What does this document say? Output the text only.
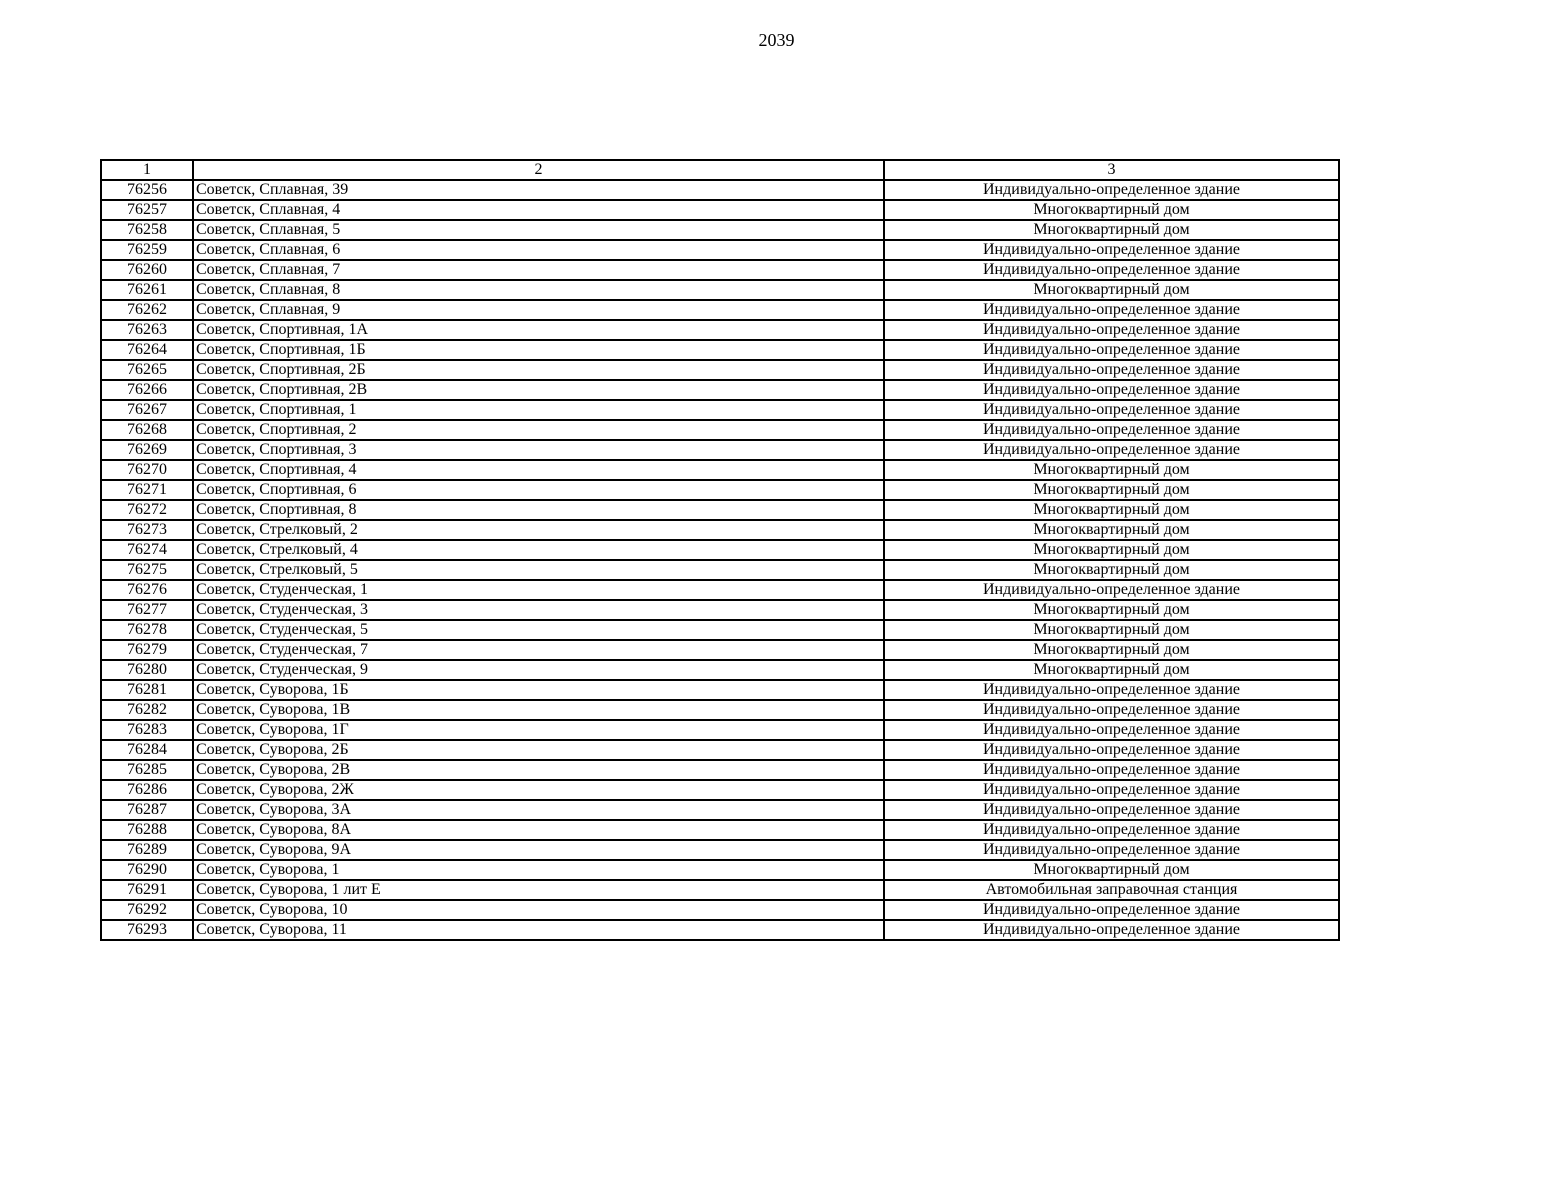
2039
1	2	3
76256	Советск, Сплавная, 39	Индивидуально-определенное здание
76257	Советск, Сплавная, 4	Многоквартирный дом
76258	Советск, Сплавная, 5	Многоквартирный дом
76259	Советск, Сплавная, 6	Индивидуально-определенное здание
76260	Советск, Сплавная, 7	Индивидуально-определенное здание
76261	Советск, Сплавная, 8	Многоквартирный дом
76262	Советск, Сплавная, 9	Индивидуально-определенное здание
76263	Советск, Спортивная, 1А	Индивидуально-определенное здание
76264	Советск, Спортивная, 1Б	Индивидуально-определенное здание
76265	Советск, Спортивная, 2Б	Индивидуально-определенное здание
76266	Советск, Спортивная, 2В	Индивидуально-определенное здание
76267	Советск, Спортивная, 1	Индивидуально-определенное здание
76268	Советск, Спортивная, 2	Индивидуально-определенное здание
76269	Советск, Спортивная, 3	Индивидуально-определенное здание
76270	Советск, Спортивная, 4	Многоквартирный дом
76271	Советск, Спортивная, 6	Многоквартирный дом
76272	Советск, Спортивная, 8	Многоквартирный дом
76273	Советск, Стрелковый, 2	Многоквартирный дом
76274	Советск, Стрелковый, 4	Многоквартирный дом
76275	Советск, Стрелковый, 5	Многоквартирный дом
76276	Советск, Студенческая, 1	Индивидуально-определенное здание
76277	Советск, Студенческая, 3	Многоквартирный дом
76278	Советск, Студенческая, 5	Многоквартирный дом
76279	Советск, Студенческая, 7	Многоквартирный дом
76280	Советск, Студенческая, 9	Многоквартирный дом
76281	Советск, Суворова, 1Б	Индивидуально-определенное здание
76282	Советск, Суворова, 1В	Индивидуально-определенное здание
76283	Советск, Суворова, 1Г	Индивидуально-определенное здание
76284	Советск, Суворова, 2Б	Индивидуально-определенное здание
76285	Советск, Суворова, 2В	Индивидуально-определенное здание
76286	Советск, Суворова, 2Ж	Индивидуально-определенное здание
76287	Советск, Суворова, 3А	Индивидуально-определенное здание
76288	Советск, Суворова, 8А	Индивидуально-определенное здание
76289	Советск, Суворова, 9А	Индивидуально-определенное здание
76290	Советск, Суворова, 1	Многоквартирный дом
76291	Советск, Суворова, 1 лит Е	Автомобильная заправочная станция
76292	Советск, Суворова, 10	Индивидуально-определенное здание
76293	Советск, Суворова, 11	Индивидуально-определенное здание
